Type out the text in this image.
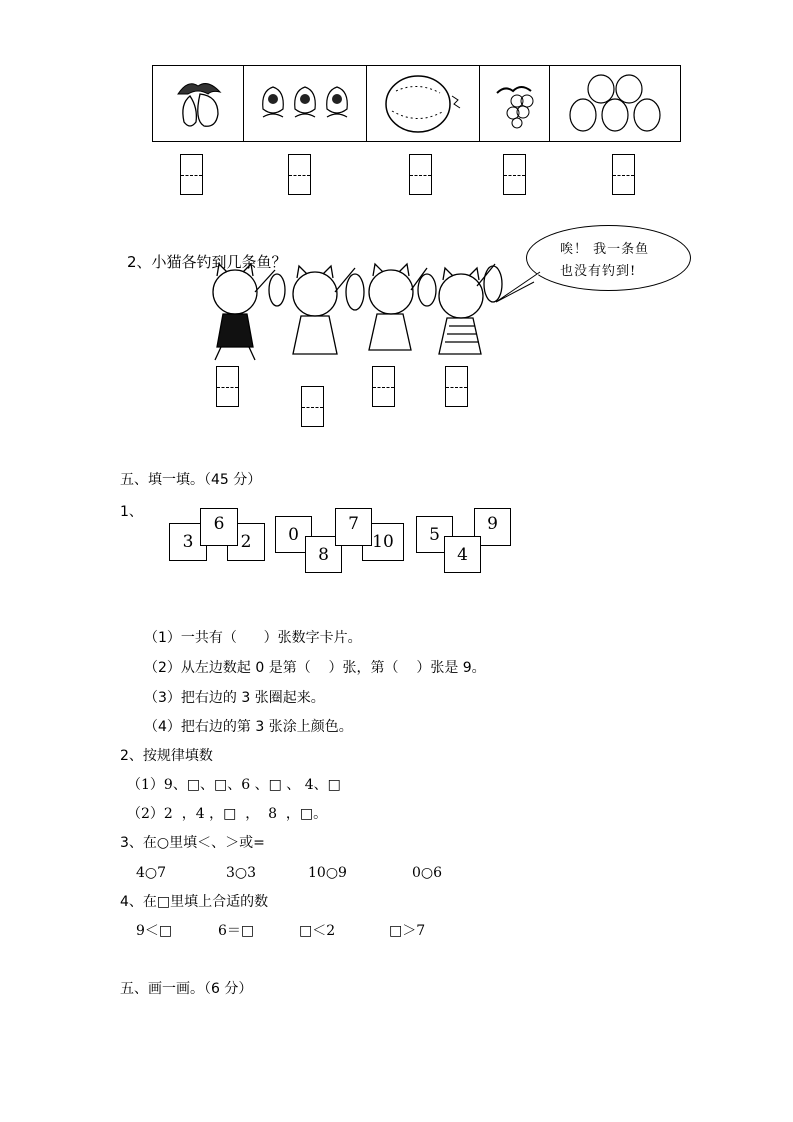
2、小猫各钓到几条鱼？
唉！ 我一条鱼
也没有钓到!
五、填一填。（45 分）
1、
3
6
2	0
8
7
10	5
4
9
（1）一共有（      ）张数字卡片。
（2）从左边数起 0 是第（    ）张，第（    ）张是 9。
（3）把右边的 3 张圈起来。
（4）把右边的第 3 张涂上颜色。
2、按规律填数
（1）9、□、□、6 、□ 、 4、□
（2）2  ，4 ，□  ，  8  ，□。
3、在○里填＜、＞或=
4○7	3○3	10○9	0○6
4、在□里填上合适的数
9＜□	6＝□	□＜2	□＞7
五、画一画。（6 分）
